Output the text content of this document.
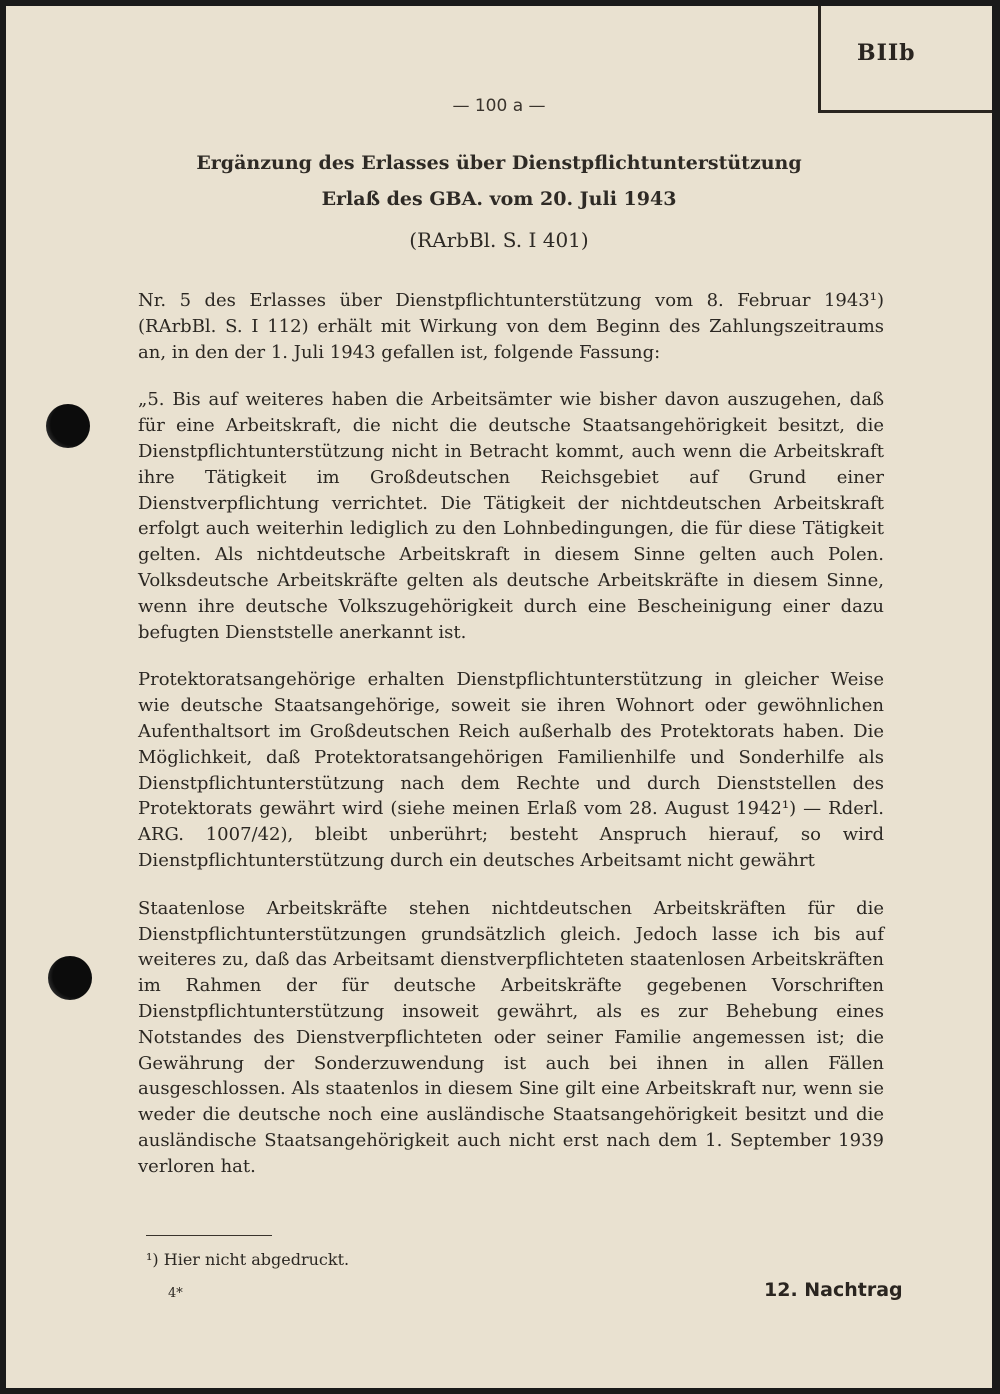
BIIb
— 100 a —
Ergänzung des Erlasses über Dienstpflichtunterstützung
Erlaß des GBA. vom 20. Juli 1943
(RArbBl. S. I 401)

Nr. 5 des Erlasses über Dienstpflichtunterstützung vom 8. Februar 1943¹) (RArbBl. S. I 112) erhält mit Wirkung von dem Beginn des Zahlungszeitraums an, in den der 1. Juli 1943 gefallen ist, folgende Fassung:

„5. Bis auf weiteres haben die Arbeitsämter wie bisher davon auszugehen, daß für eine Arbeitskraft, die nicht die deutsche Staatsangehörigkeit besitzt, die Dienstpflichtunterstützung nicht in Betracht kommt, auch wenn die Arbeitskraft ihre Tätigkeit im Großdeutschen Reichsgebiet auf Grund einer Dienstverpflichtung verrichtet. Die Tätigkeit der nichtdeutschen Arbeitskraft erfolgt auch weiterhin lediglich zu den Lohnbedingungen, die für diese Tätigkeit gelten. Als nichtdeutsche Arbeitskraft in diesem Sinne gelten auch Polen. Volksdeutsche Arbeitskräfte gelten als deutsche Arbeitskräfte in diesem Sinne, wenn ihre deutsche Volkszugehörigkeit durch eine Bescheinigung einer dazu befugten Dienststelle anerkannt ist.

Protektoratsangehörige erhalten Dienstpflichtunterstützung in gleicher Weise wie deutsche Staatsangehörige, soweit sie ihren Wohnort oder gewöhnlichen Aufenthaltsort im Großdeutschen Reich außerhalb des Protektorats haben. Die Möglichkeit, daß Protektoratsangehörigen Familienhilfe und Sonderhilfe als Dienstpflichtunterstützung nach dem Rechte und durch Dienststellen des Protektorats gewährt wird (siehe meinen Erlaß vom 28. August 1942¹) — Rderl. ARG. 1007/42), bleibt unberührt; besteht Anspruch hierauf, so wird Dienstpflichtunterstützung durch ein deutsches Arbeitsamt nicht gewährt

Staatenlose Arbeitskräfte stehen nichtdeutschen Arbeitskräften für die Dienstpflichtunterstützungen grundsätzlich gleich. Jedoch lasse ich bis auf weiteres zu, daß das Arbeitsamt dienstverpflichteten staatenlosen Arbeitskräften im Rahmen der für deutsche Arbeitskräfte gegebenen Vorschriften Dienstpflichtunterstützung insoweit gewährt, als es zur Behebung eines Notstandes des Dienstverpflichteten oder seiner Familie angemessen ist; die Gewährung der Sonderzuwendung ist auch bei ihnen in allen Fällen ausgeschlossen. Als staatenlos in diesem Sine gilt eine Arbeitskraft nur, wenn sie weder die deutsche noch eine ausländische Staatsangehörigkeit besitzt und die ausländische Staatsangehörigkeit auch nicht erst nach dem 1. September 1939 verloren hat.

¹) Hier nicht abgedruckt.
4*	12. Nachtrag
